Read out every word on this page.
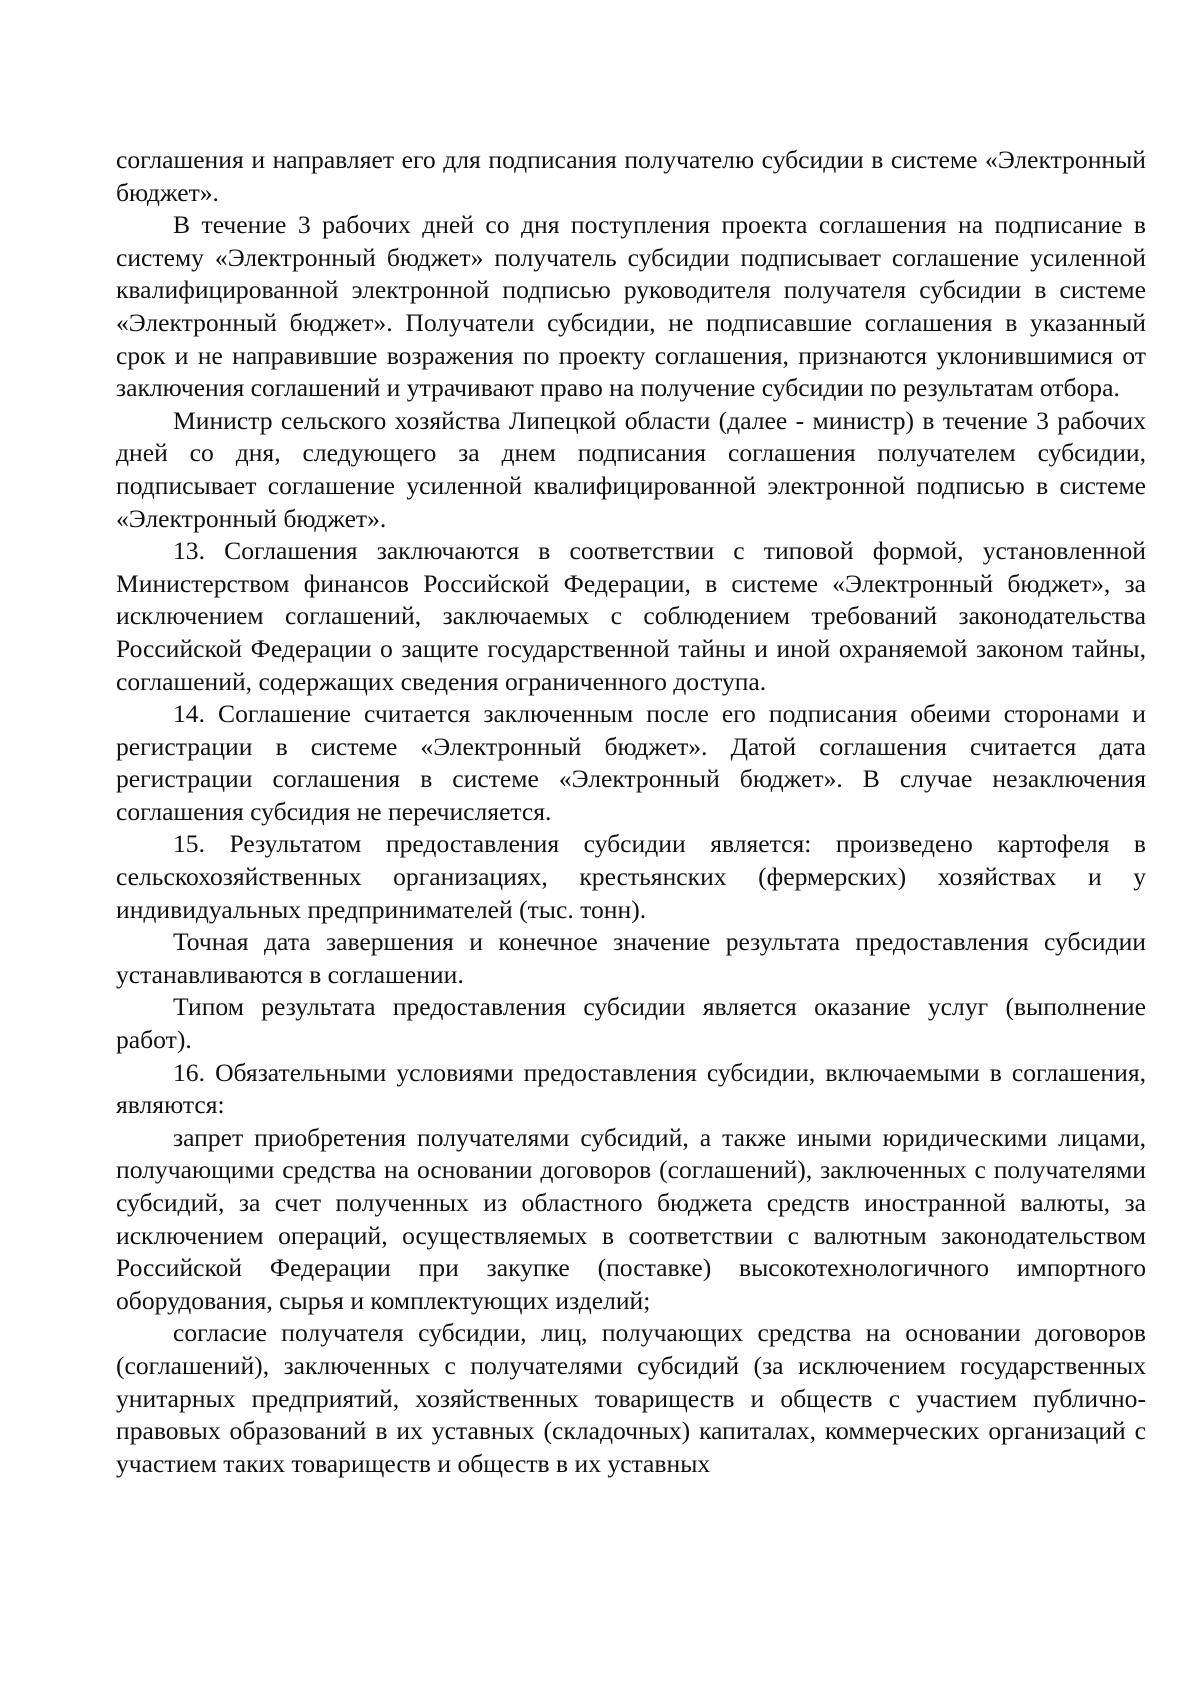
соглашения и направляет его для подписания получателю субсидии в системе «Электронный бюджет».

В течение 3 рабочих дней со дня поступления проекта соглашения на подписание в систему «Электронный бюджет» получатель субсидии подписывает соглашение усиленной квалифицированной электронной подписью руководителя получателя субсидии в системе «Электронный бюджет». Получатели субсидии, не подписавшие соглашения в указанный срок и не направившие возражения по проекту соглашения, признаются уклонившимися от заключения соглашений и утрачивают право на получение субсидии по результатам отбора.

Министр сельского хозяйства Липецкой области (далее - министр) в течение 3 рабочих дней со дня, следующего за днем подписания соглашения получателем субсидии, подписывает соглашение усиленной квалифицированной электронной подписью в системе «Электронный бюджет».

13. Соглашения заключаются в соответствии с типовой формой, установленной Министерством финансов Российской Федерации, в системе «Электронный бюджет», за исключением соглашений, заключаемых с соблюдением требований законодательства Российской Федерации о защите государственной тайны и иной охраняемой законом тайны, соглашений, содержащих сведения ограниченного доступа.

14. Соглашение считается заключенным после его подписания обеими сторонами и регистрации в системе «Электронный бюджет». Датой соглашения считается дата регистрации соглашения в системе «Электронный бюджет». В случае незаключения соглашения субсидия не перечисляется.

15. Результатом предоставления субсидии является: произведено картофеля в сельскохозяйственных организациях, крестьянских (фермерских) хозяйствах и у индивидуальных предпринимателей (тыс. тонн).

Точная дата завершения и конечное значение результата предоставления субсидии устанавливаются в соглашении.

Типом результата предоставления субсидии является оказание услуг (выполнение работ).

16. Обязательными условиями предоставления субсидии, включаемыми в соглашения, являются:

запрет приобретения получателями субсидий, а также иными юридическими лицами, получающими средства на основании договоров (соглашений), заключенных с получателями субсидий, за счет полученных из областного бюджета средств иностранной валюты, за исключением операций, осуществляемых в соответствии с валютным законодательством Российской Федерации при закупке (поставке) высокотехнологичного импортного оборудования, сырья и комплектующих изделий;

согласие получателя субсидии, лиц, получающих средства на основании договоров (соглашений), заключенных с получателями субсидий (за исключением государственных унитарных предприятий, хозяйственных товариществ и обществ с участием публично-правовых образований в их уставных (складочных) капиталах, коммерческих организаций с участием таких товариществ и обществ в их уставных
